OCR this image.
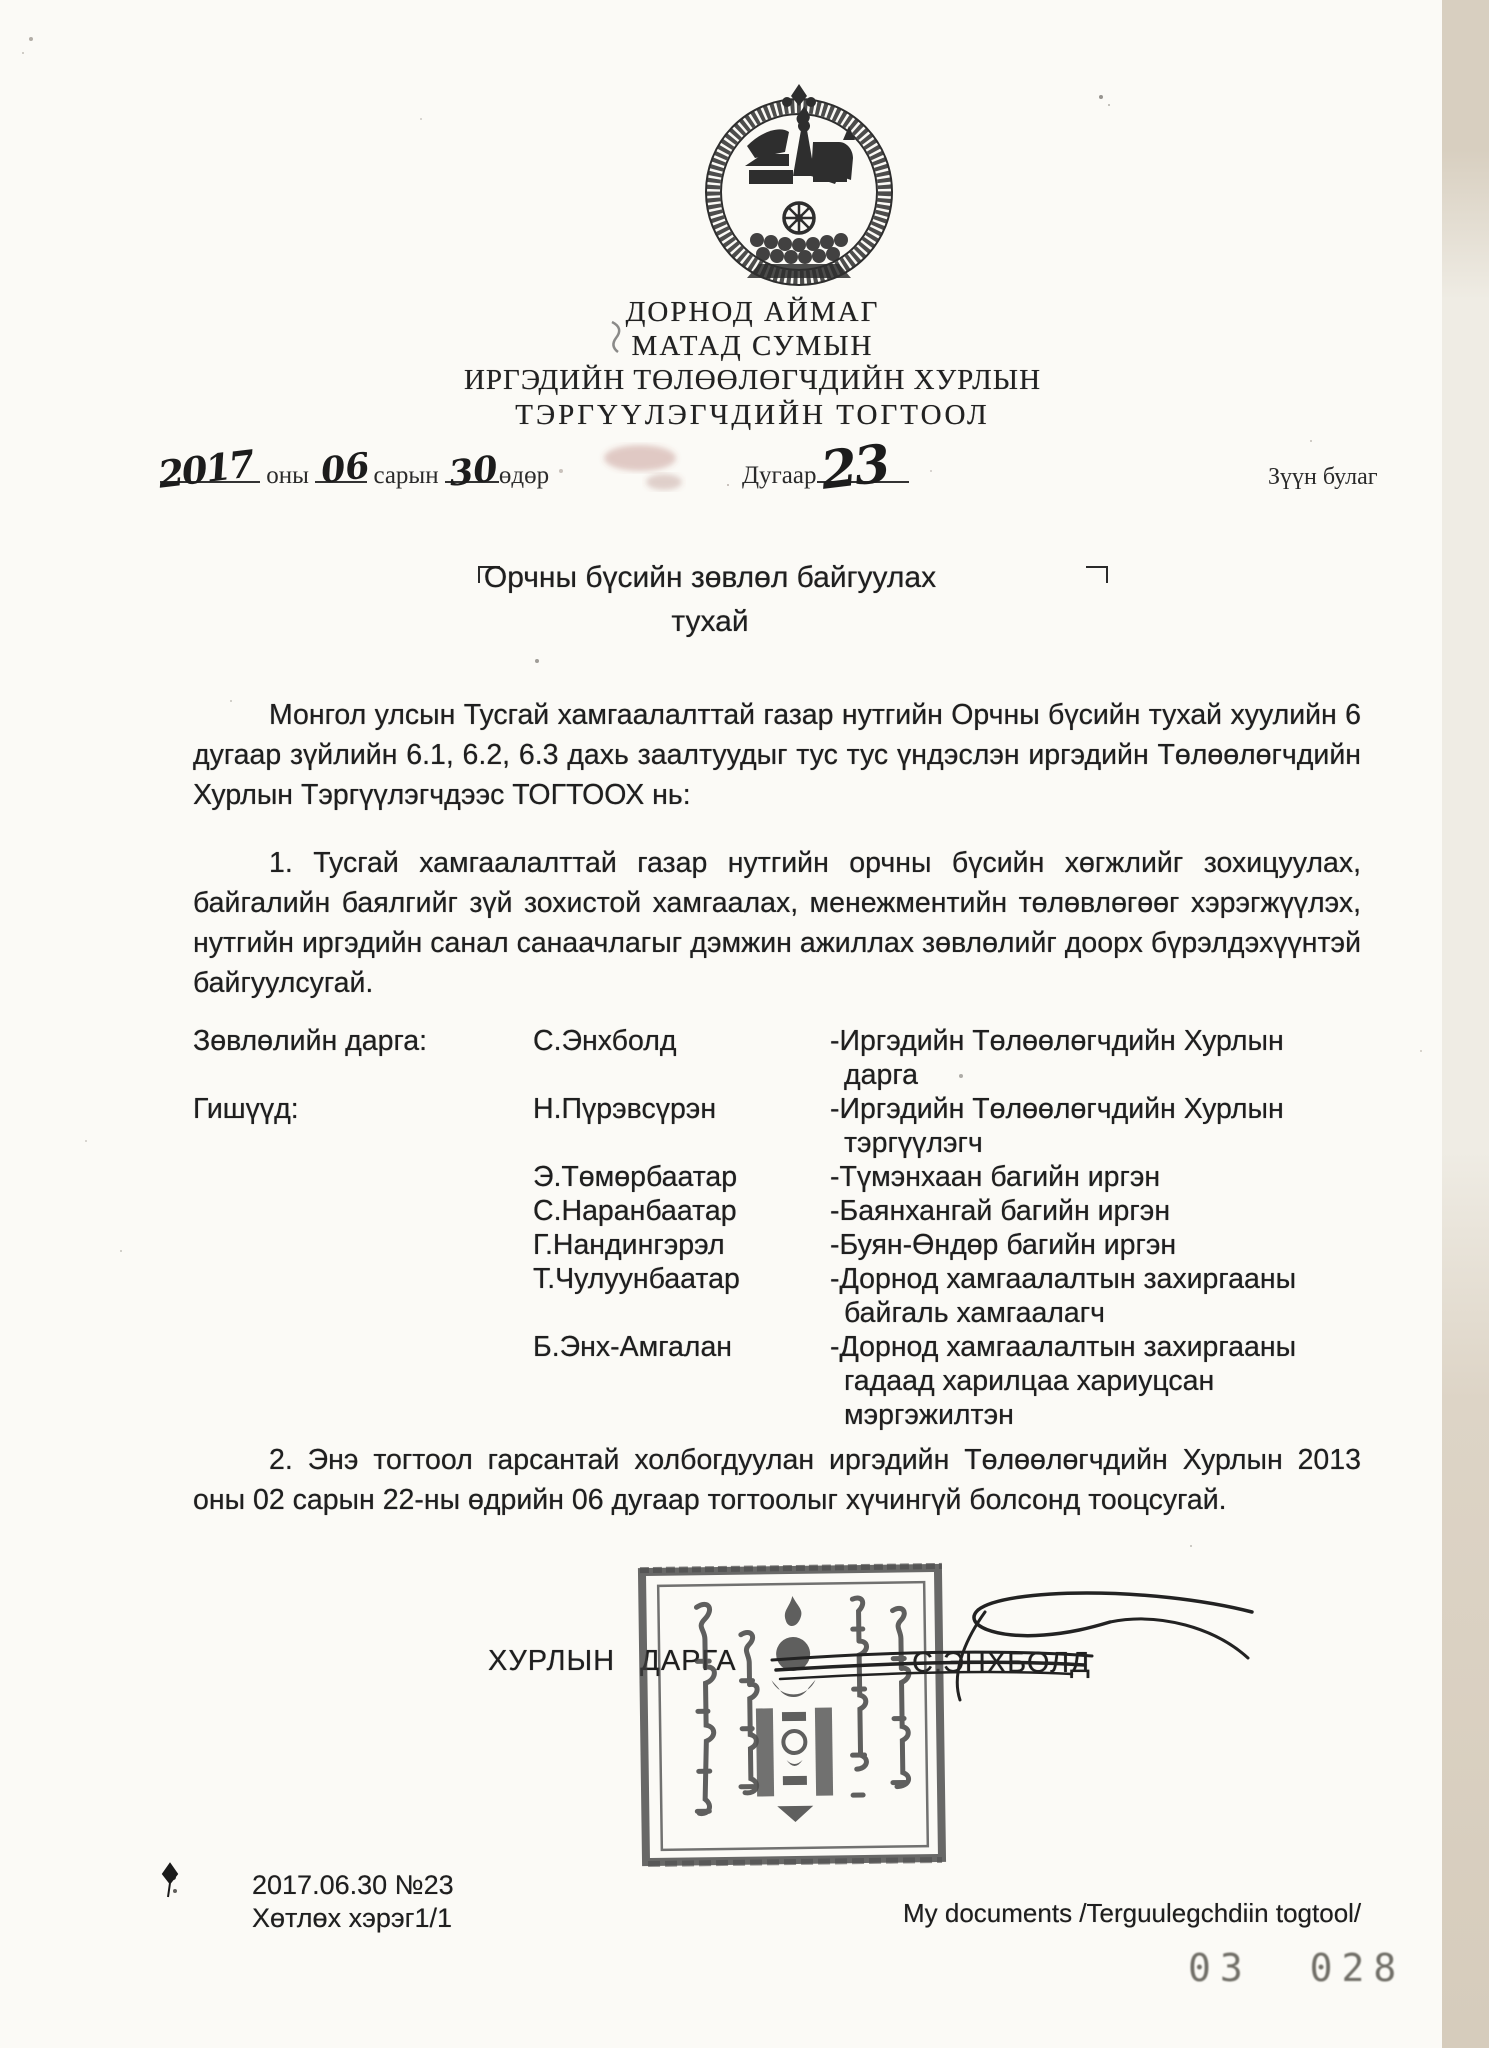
ДОРНОД АЙМАГ
МАТАД СУМЫН
ИРГЭДИЙН ТӨЛӨӨЛӨГЧДИЙН ХУРЛЫН
ТЭРГҮҮЛЭГЧДИЙН ТОГТООЛ
2017 оны 06
сарын 30
өдөр	Дугаар 23	Зүүн булаг
Орчны бүсийн зөвлөл байгуулах
тухай
Монгол улсын Тусгай хамгаалалттай газар нутгийн Орчны бүсийн тухай хуулийн 6 дугаар зүйлийн 6.1, 6.2, 6.3 дахь заалтуудыг тус тус үндэслэн иргэдийн Төлөөлөгчдийн Хурлын Тэргүүлэгчдээс ТОГТООХ нь:
1. Тусгай хамгаалалттай газар нутгийн орчны бүсийн хөгжлийг зохицуулах, байгалийн баялгийг зүй зохистой хамгаалах, менежментийн төлөвлөгөөг хэрэгжүүлэх, нутгийн иргэдийн санал санаачлагыг дэмжин ажиллах зөвлөлийг доорх бүрэлдэхүүнтэй байгуулсугай.
Зөвлөлийн дарга:	С.Энхболд	-Иргэдийн Төлөөлөгчдийн Хурлын дарга
Гишүүд:	Н.Пүрэвсүрэн	-Иргэдийн Төлөөлөгчдийн Хурлын тэргүүлэгч
Э.Төмөрбаатар	-Түмэнхаан багийн иргэн
С.Наранбаатар	-Баянхангай багийн иргэн
Г.Нандингэрэл	-Буян-Өндөр багийн иргэн
Т.Чулуунбаатар	-Дорнод хамгаалалтын захиргааны байгаль хамгаалагч
Б.Энх-Амгалан	-Дорнод хамгаалалтын захиргааны гадаад харилцаа хариуцсан мэргэжилтэн
2. Энэ тогтоол гарсантай холбогдуулан иргэдийн Төлөөлөгчдийн Хурлын 2013 оны 02 сарын 22-ны өдрийн 06 дугаар тогтоолыг хүчингүй болсонд тооцсугай.
ХУРЛЫН ДАРГА	С.ЭНХБОЛД
2017.06.30 №23
Хөтлөх хэрэг1/1	My documents /Terguulegchdiin togtool/
03 028
